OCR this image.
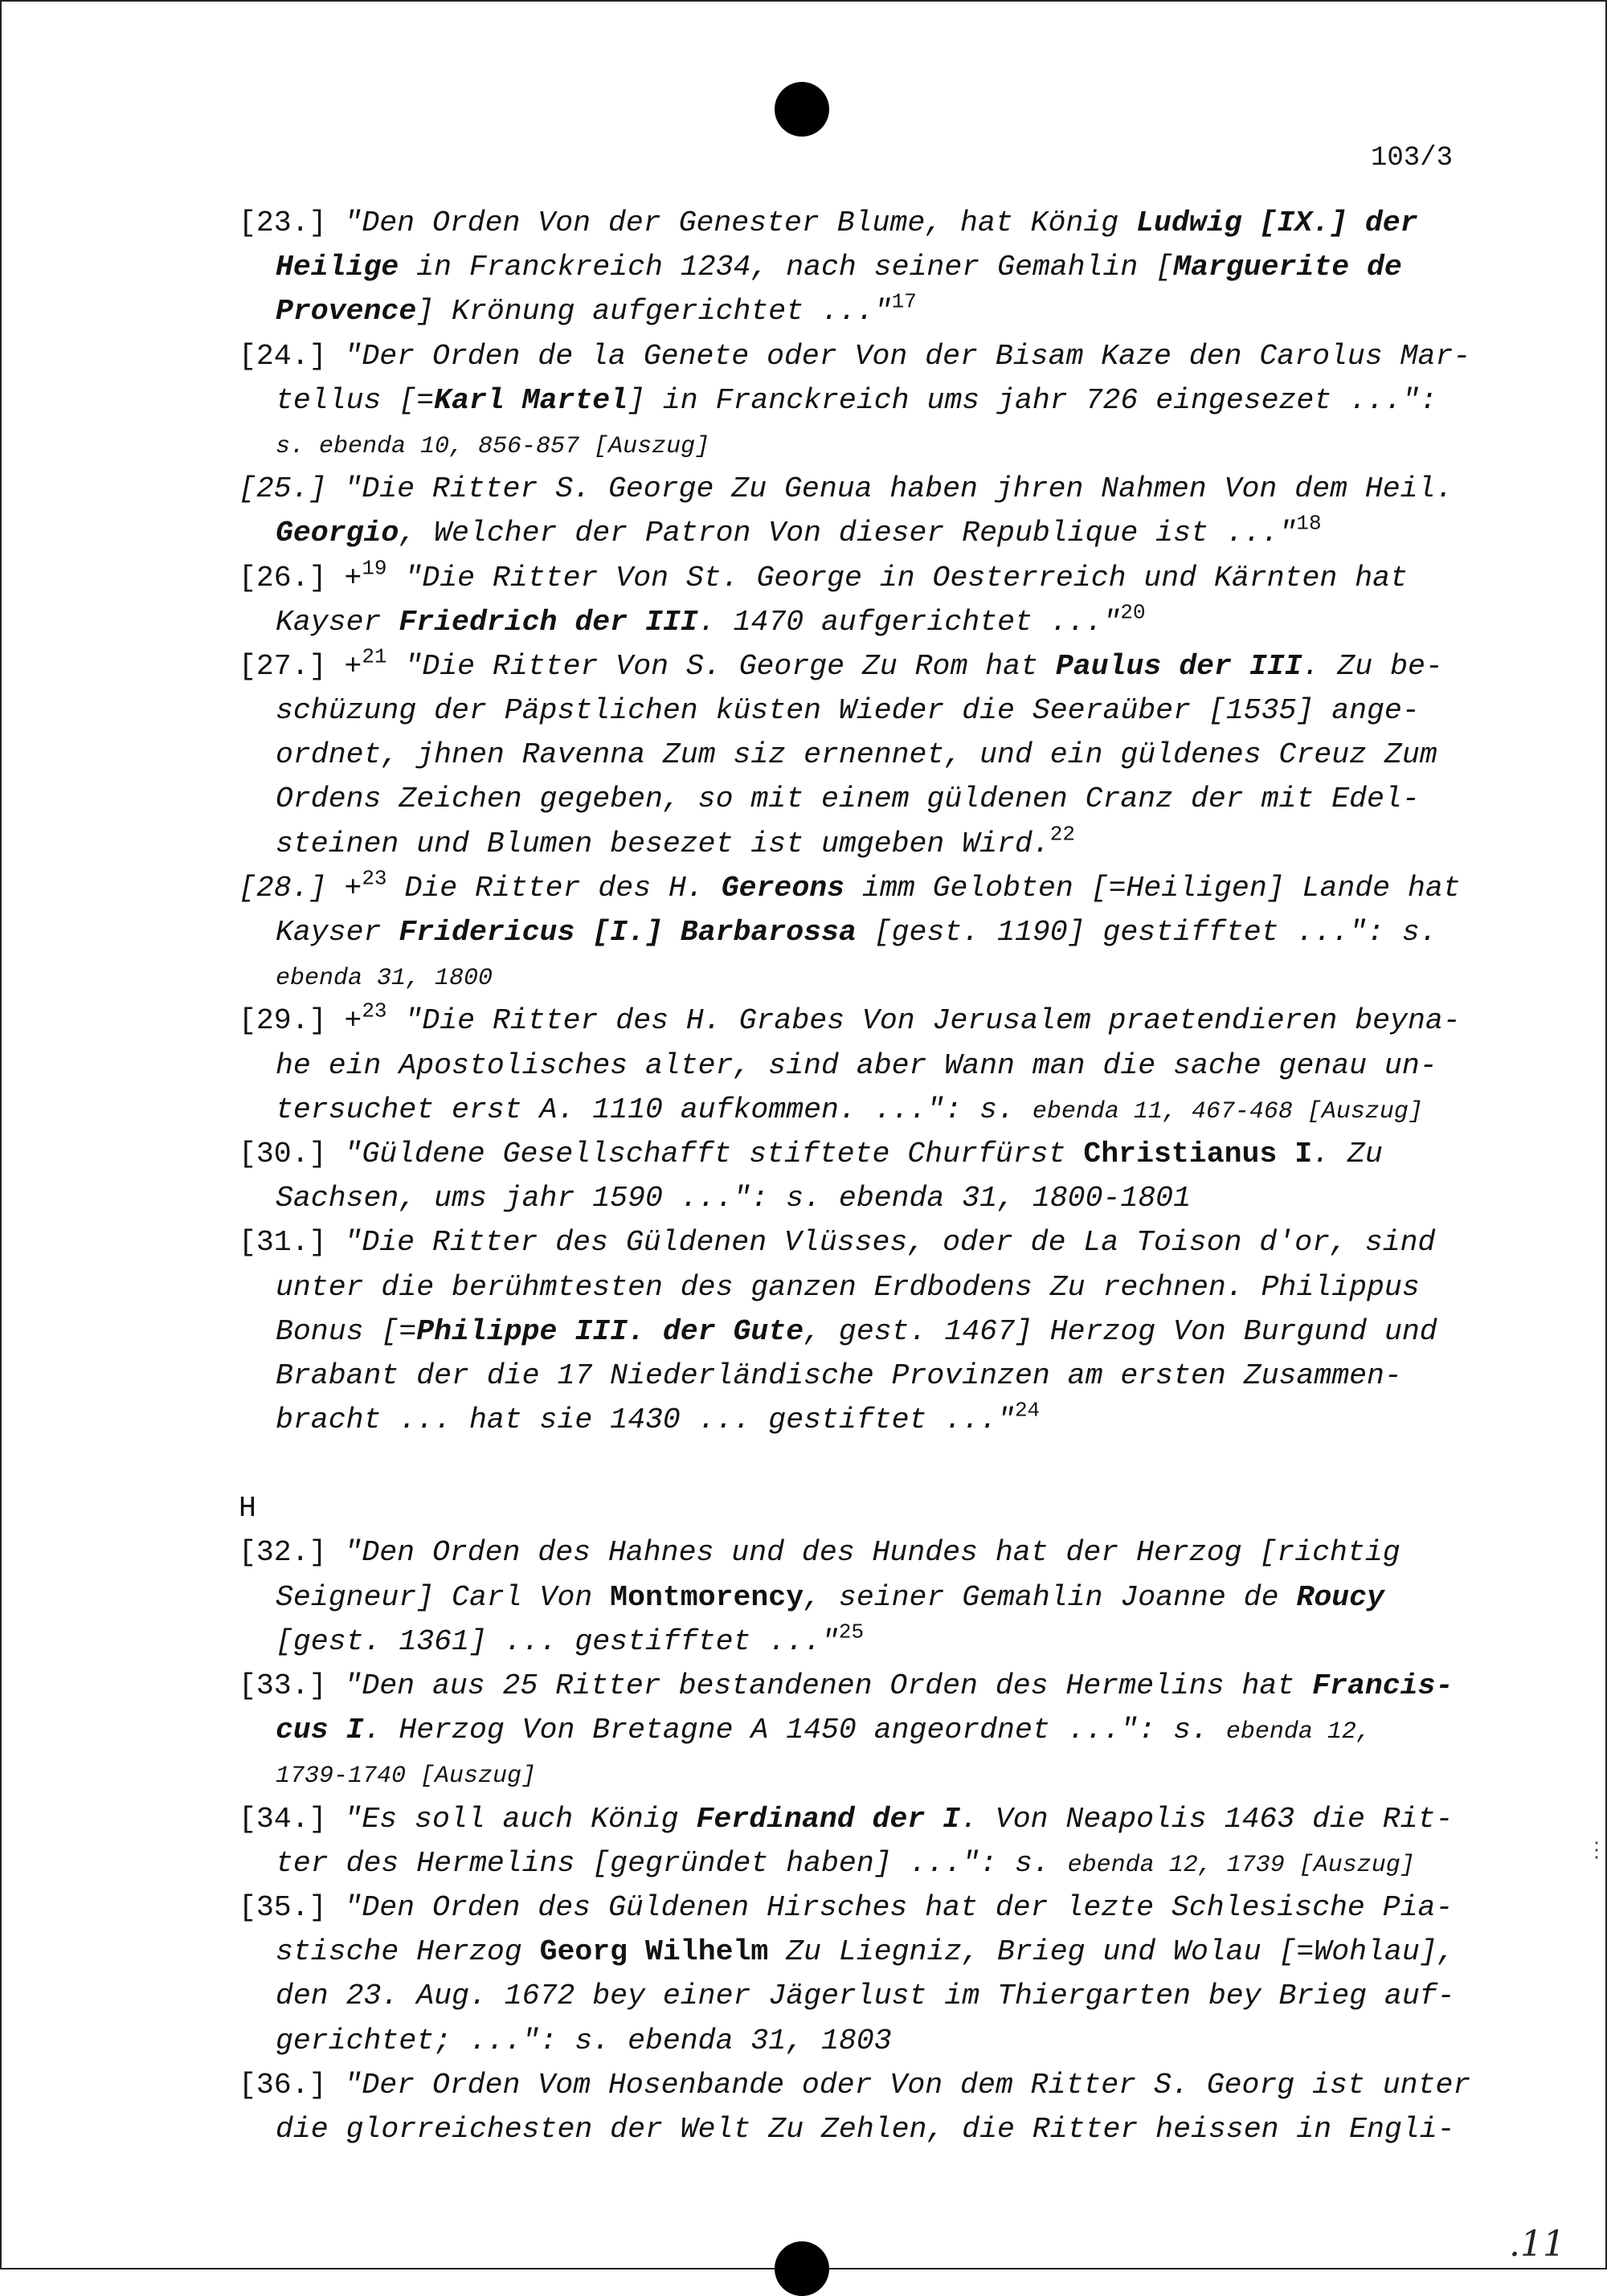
103/3
[23.] "Den Orden Von der Genester Blume, hat König Ludwig [IX.] der
Heilige in Franckreich 1234, nach seiner Gemahlin [Marguerite de
Provence] Krönung aufgerichtet ..."$^{17}$
[24.] "Der Orden de la Genete oder Von der Bisam Kaze den Carolus Mar-
tellus [=Karl Martel] in Franckreich ums jahr 726 eingesezet ...":
s. ebenda 10, 856-857 [Auszug]
[25.] "Die Ritter S. George Zu Genua haben jhren Nahmen Von dem Heil.
Georgio, Welcher der Patron Von dieser Republique ist ..."$^{18}$
[26.] +$^{19}$ "Die Ritter Von St. George in Oesterreich und Kärnten hat
Kayser Friedrich der III. 1470 aufgerichtet ..."$^{20}$
[27.] +$^{21}$ "Die Ritter Von S. George Zu Rom hat Paulus der III. Zu be-
schüzung der Päpstlichen küsten Wieder die Seeraüber [1535] ange-
ordnet, jhnen Ravenna Zum siz ernennet, und ein güldenes Creuz Zum
Ordens Zeichen gegeben, so mit einem güldenen Cranz der mit Edel-
steinen und Blumen besezet ist umgeben Wird.$^{22}$
[28.] +$^{23}$ Die Ritter des H. Gereons imm Gelobten [=Heiligen] Lande hat
Kayser Fridericus [I.] Barbarossa [gest. 1190] gestifftet ...": s.
ebenda 31, 1800
[29.] +$^{23}$ "Die Ritter des H. Grabes Von Jerusalem praetendieren beyna-
he ein Apostolisches alter, sind aber Wann man die sache genau un-
tersuchet erst A. 1110 aufkommen. ...": s. ebenda 11, 467-468 [Auszug]
[30.] "Güldene Gesellschafft stiftete Churfürst Christianus I. Zu
Sachsen, ums jahr 1590 ...": s. ebenda 31, 1800-1801
[31.] "Die Ritter des Güldenen Vlüsses, oder de La Toison d'or, sind
unter die berühmtesten des ganzen Erdbodens Zu rechnen. Philippus
Bonus [=Philippe III. der Gute, gest. 1467] Herzog Von Burgund und
Brabant der die 17 Niederländische Provinzen am ersten Zusammen-
bracht ... hat sie 1430 ... gestiftet ..."$^{24}$
H
[32.] "Den Orden des Hahnes und des Hundes hat der Herzog [richtig
Seigneur] Carl Von Montmorency, seiner Gemahlin Joanne de Roucy
[gest. 1361] ... gestifftet ..."$^{25}$
[33.] "Den aus 25 Ritter bestandenen Orden des Hermelins hat Francis-
cus I. Herzog Von Bretagne A 1450 angeordnet ...": s. ebenda 12,
1739-1740 [Auszug]
[34.] "Es soll auch König Ferdinand der I. Von Neapolis 1463 die Rit-
ter des Hermelins [gegründet haben] ...": s. ebenda 12, 1739 [Auszug]
[35.] "Den Orden des Güldenen Hirsches hat der lezte Schlesische Pia-
stische Herzog Georg Wilhelm Zu Liegniz, Brieg und Wolau [=Wohlau],
den 23. Aug. 1672 bey einer Jägerlust im Thiergarten bey Brieg auf-
gerichtet; ...": s. ebenda 31, 1803
[36.] "Der Orden Vom Hosenbande oder Von dem Ritter S. Georg ist unter
die glorreichesten der Welt Zu Zehlen, die Ritter heissen in Engli-
⋮
.11
